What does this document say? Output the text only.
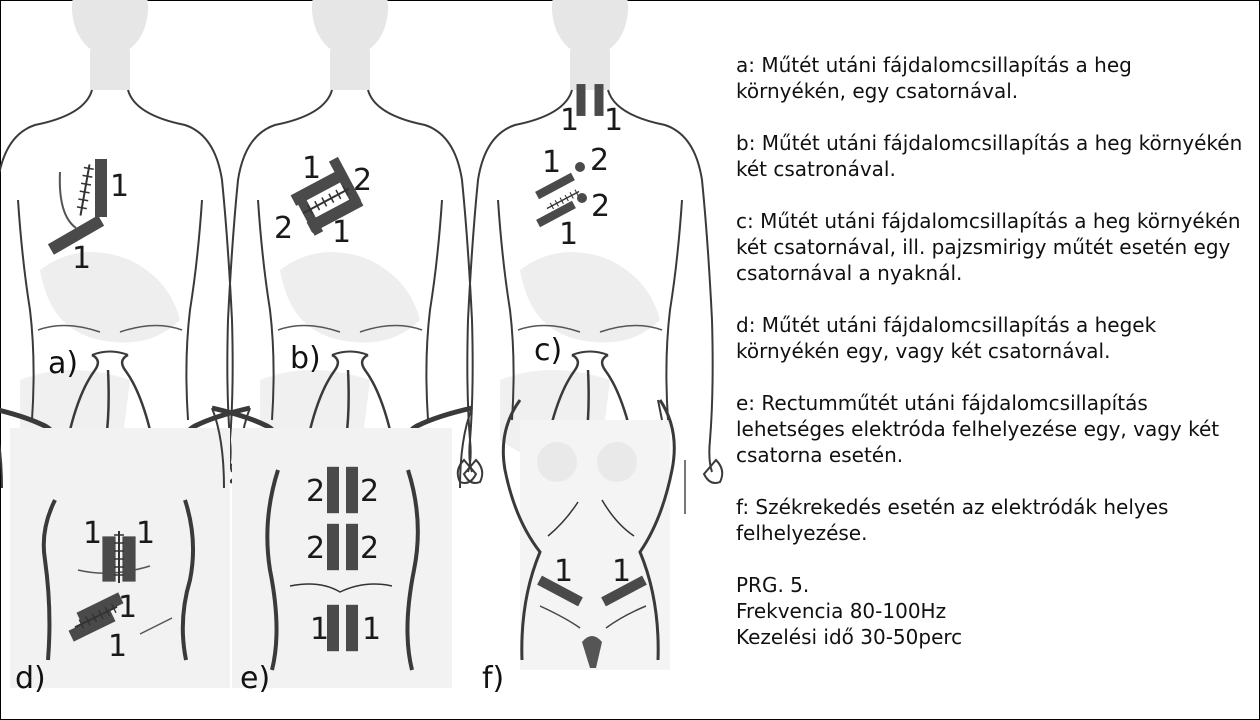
1
1
a)
1 2
2 1
b)
1 1
1 2
2
1
c)
1 1
1
1
d)
2 2
2 2
1 1
e)
1 1
f)

a: Műtét utáni fájdalomcsillapítás a heg környékén, egy csatornával.

b: Műtét utáni fájdalomcsillapítás a heg környékén két csatronával.

c: Műtét utáni fájdalomcsillapítás a heg környékén két csatornával, ill. pajzsmirigy műtét esetén egy csatornával a nyaknál.

d: Műtét utáni fájdalomcsillapítás a hegek környékén egy, vagy két csatornával.

e: Rectumműtét utáni fájdalomcsillapítás lehetséges elektróda felhelyezése egy, vagy két csatorna esetén.

f: Székrekedés esetén az elektródák helyes felhelyezése.

PRG. 5.
Frekvencia 80-100Hz
Kezelési idő 30-50perc
